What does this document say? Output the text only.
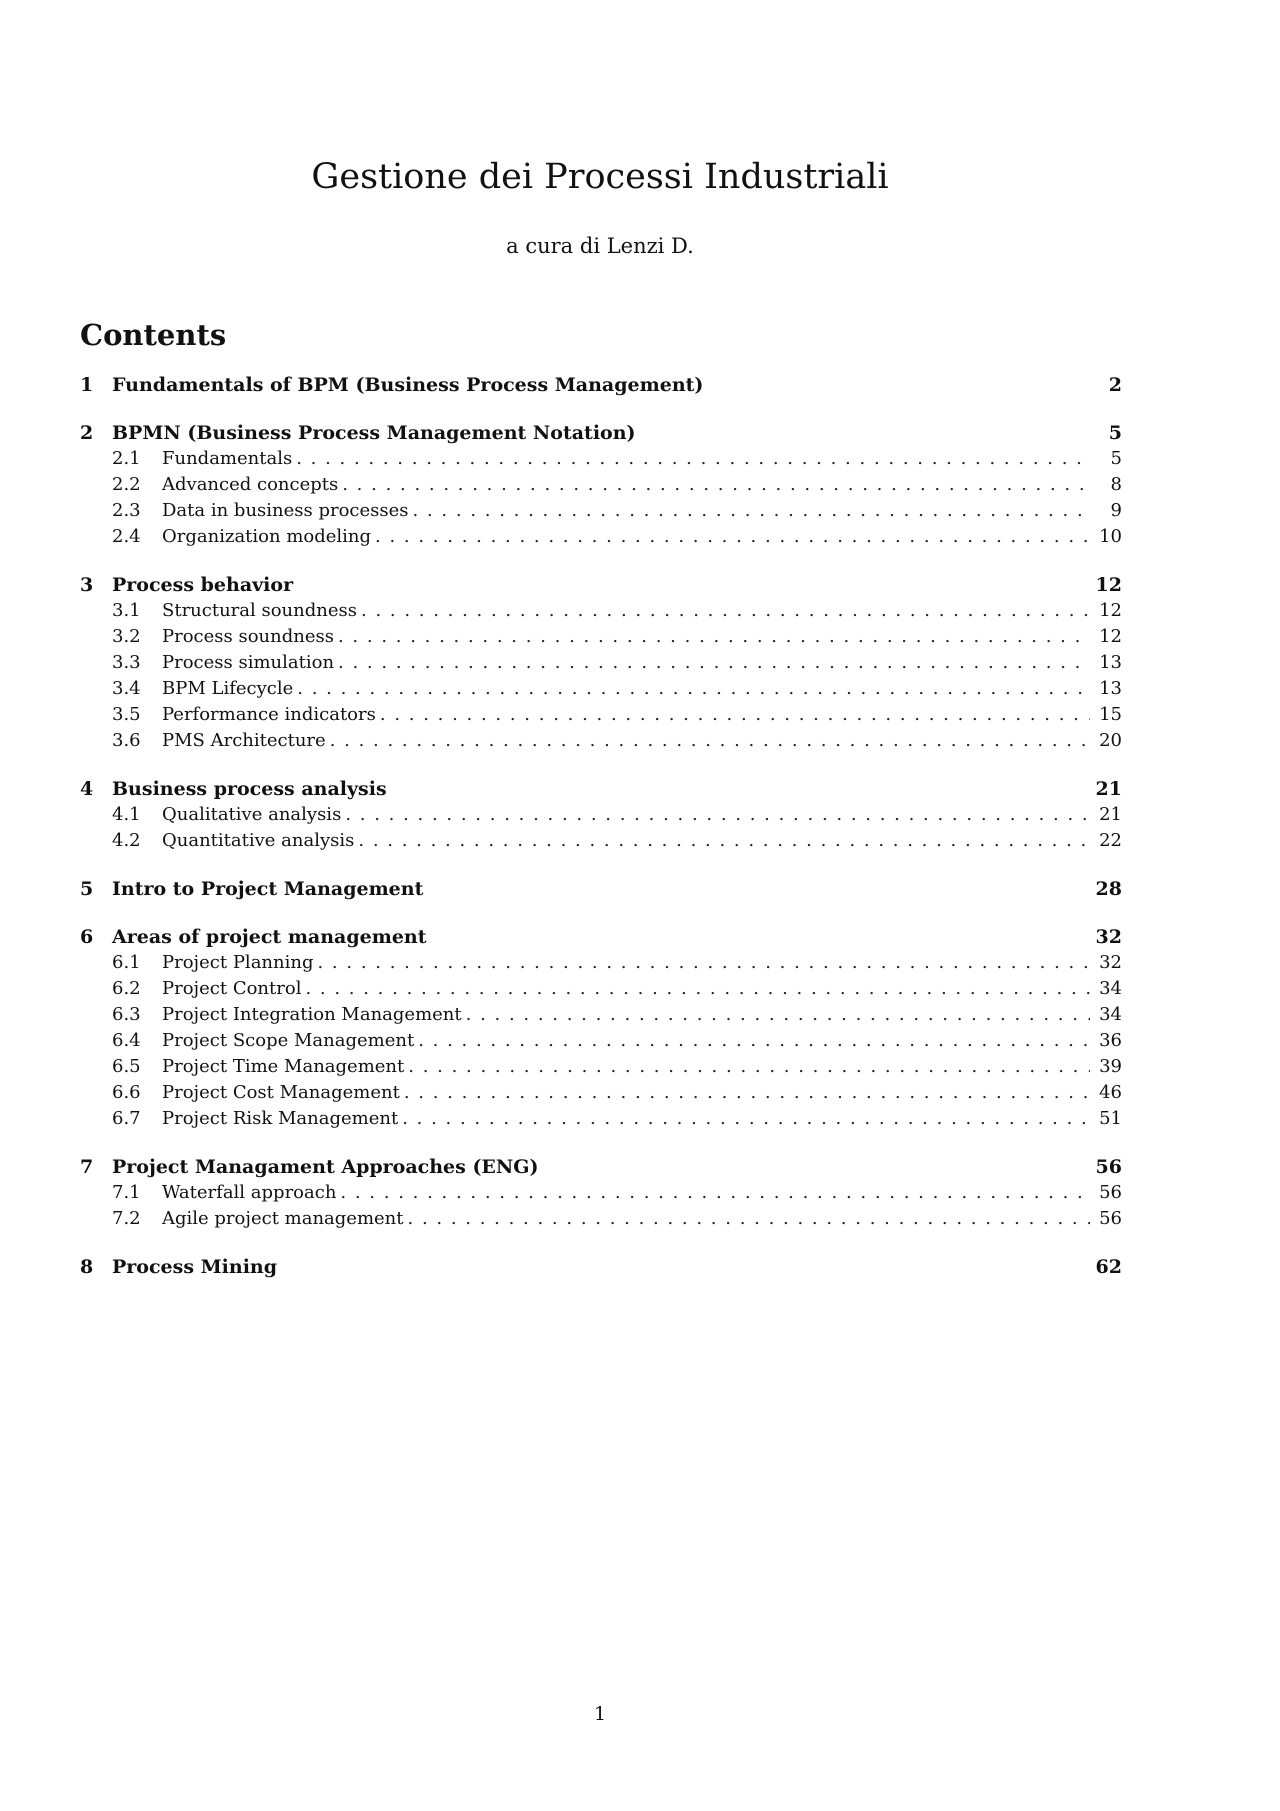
Gestione dei Processi Industriali
a cura di Lenzi D.
Contents
1 Fundamentals of BPM (Business Process Management)	2
2 BPMN (Business Process Management Notation)	5
2.1	Fundamentals . . .	5
2.2	Advanced concepts . . .	8
2.3	Data in business processes . . .	9
2.4	Organization modeling . . .	10
3 Process behavior	12
3.1	Structural soundness . . .	12
3.2	Process soundness . . .	12
3.3	Process simulation . . .	13
3.4	BPM Lifecycle . . .	13
3.5	Performance indicators . . .	15
3.6	PMS Architecture . . .	20
4 Business process analysis	21
4.1	Qualitative analysis . . .	21
4.2	Quantitative analysis . . .	22
5 Intro to Project Management	28
6 Areas of project management	32
6.1	Project Planning . . .	32
6.2	Project Control . . .	34
6.3	Project Integration Management . . .	34
6.4	Project Scope Management . . .	36
6.5	Project Time Management . . .	39
6.6	Project Cost Management . . .	46
6.7	Project Risk Management . . .	51
7 Project Managament Approaches (ENG)	56
7.1	Waterfall approach . . .	56
7.2	Agile project management . . .	56
8 Process Mining	62
1
